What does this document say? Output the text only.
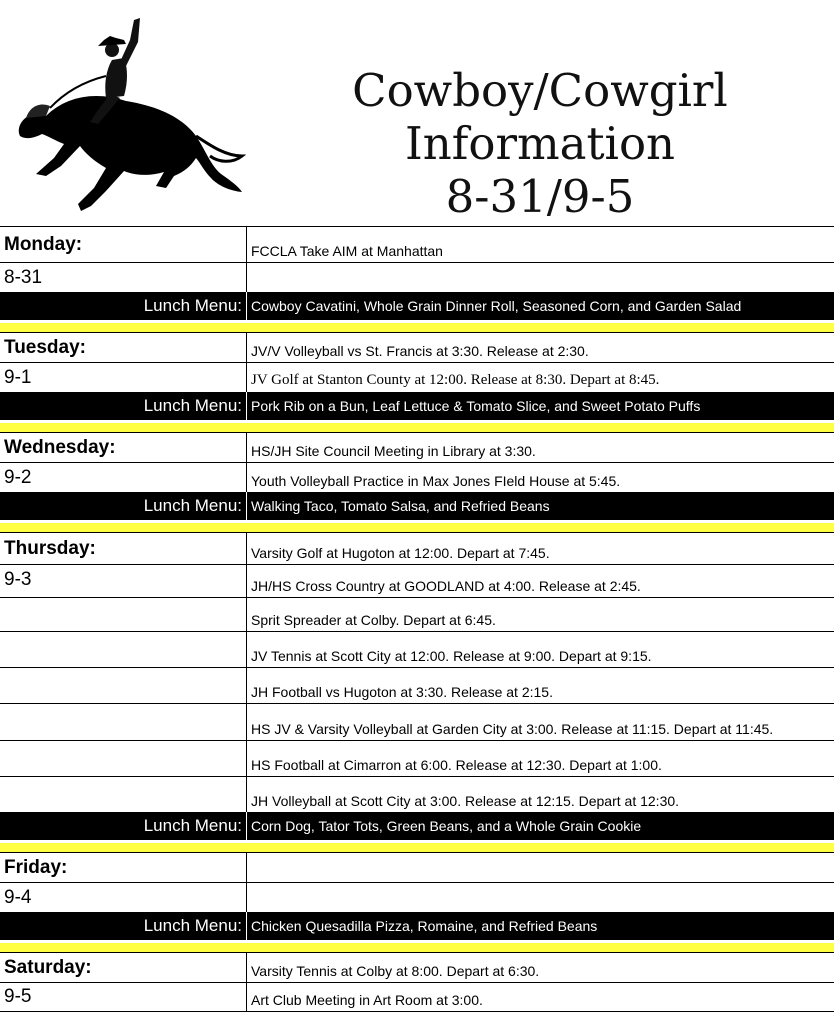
Cowboy/Cowgirl
Information
8-31/9-5
Monday:	FCCLA Take AIM at Manhattan
8-31
Lunch Menu: Cowboy Cavatini, Whole Grain Dinner Roll, Seasoned Corn, and Garden Salad
Tuesday:	JV/V Volleyball vs St. Francis at 3:30. Release at 2:30.
9-1	JV Golf at Stanton County at 12:00. Release at 8:30. Depart at 8:45.
Lunch Menu: Pork Rib on a Bun, Leaf Lettuce & Tomato Slice, and Sweet Potato Puffs
Wednesday:	HS/JH Site Council Meeting in Library at 3:30.
9-2	Youth Volleyball Practice in Max Jones FIeld House at 5:45.
Lunch Menu: Walking Taco, Tomato Salsa, and Refried Beans
Thursday:	Varsity Golf at Hugoton at 12:00. Depart at 7:45.
9-3	JH/HS Cross Country at GOODLAND at 4:00. Release at 2:45.
Sprit Spreader at Colby. Depart at 6:45.
JV Tennis at Scott City at 12:00. Release at 9:00. Depart at 9:15.
JH Football vs Hugoton at 3:30. Release at 2:15.
HS JV & Varsity Volleyball at Garden City at 3:00. Release at 11:15. Depart at 11:45.
HS Football at Cimarron at 6:00. Release at 12:30. Depart at 1:00.
JH Volleyball at Scott City at 3:00. Release at 12:15. Depart at 12:30.
Lunch Menu: Corn Dog, Tator Tots, Green Beans, and a Whole Grain Cookie
Friday:
9-4
Lunch Menu: Chicken Quesadilla Pizza, Romaine, and Refried Beans
Saturday:	Varsity Tennis at Colby at 8:00. Depart at 6:30.
9-5	Art Club Meeting in Art Room at 3:00.
